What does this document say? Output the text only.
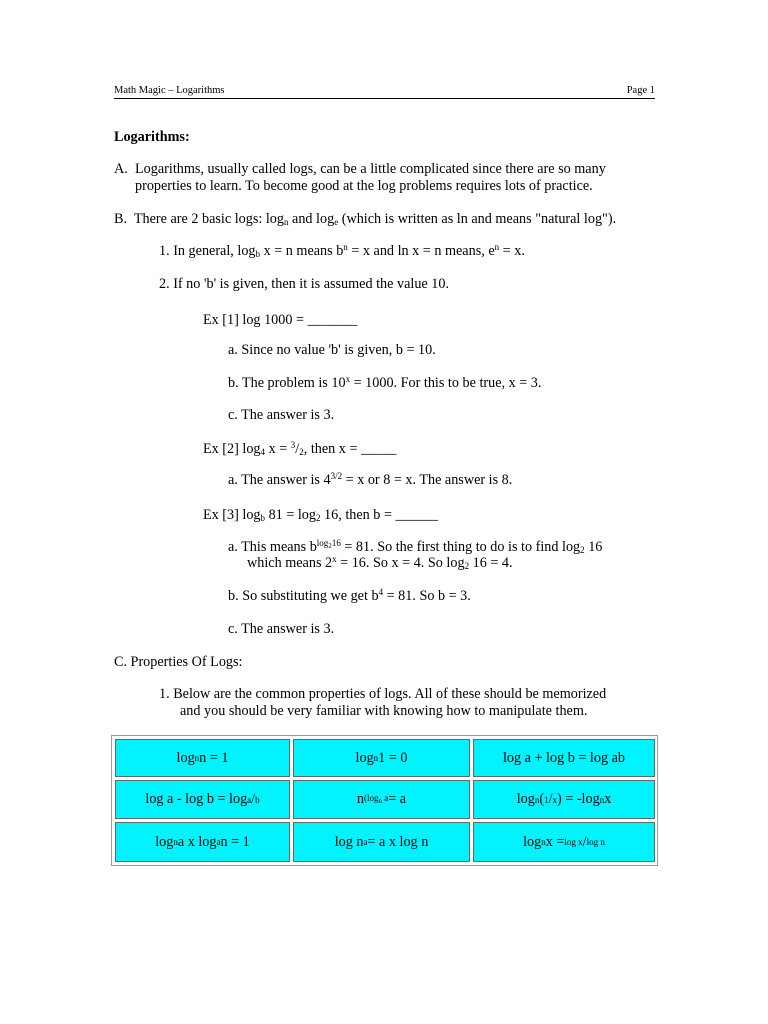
Math Magic – Logarithms	Page 1
Logarithms:
A. Logarithms, usually called logs, can be a little complicated since there are so many
properties to learn. To become good at the log problems requires lots of practice.
B. There are 2 basic logs: $\log_n$ and $\log_e$ (which is written as ln and means "natural log").
1. In general, $\log_b x = n$ means $b^n = x$ and ln x = n means, $e^n = x$.
2. If no 'b' is given, then it is assumed the value 10.
Ex [1] log 1000 = _______
a. Since no value 'b' is given, b = 10.
b. The problem is $10^x = 1000$. For this to be true, x = 3.
c. The answer is 3.
Ex [2] $\log_4 x = ^3/_2$, then x = _____
a. The answer is $4^{3/2} = x$ or 8 = x. The answer is 8.
Ex [3] $\log_b 81 = \log_2 16$, then b = ______
a. This means $b^{log_216} = 81$. So the first thing to do is to find $\log_2 16$
which means $2^x = 16$. So x = 4. So $\log_2 16 = 4$.
b. So substituting we get $b^4 = 81$. So b = 3.
c. The answer is 3.
C. Properties Of Logs:
1. Below are the common properties of logs. All of these should be memorized
and you should be very familiar with knowing how to manipulate them.
log n n = 1	log n 1 = 0	log a + log b = log ab
log a - log b = log a / b	n ($\log_n$ a = a	log n ( 1 / x ) = -log n x
log n a x log a n = 1	log n a = a x log n	log n x = log x / log n
